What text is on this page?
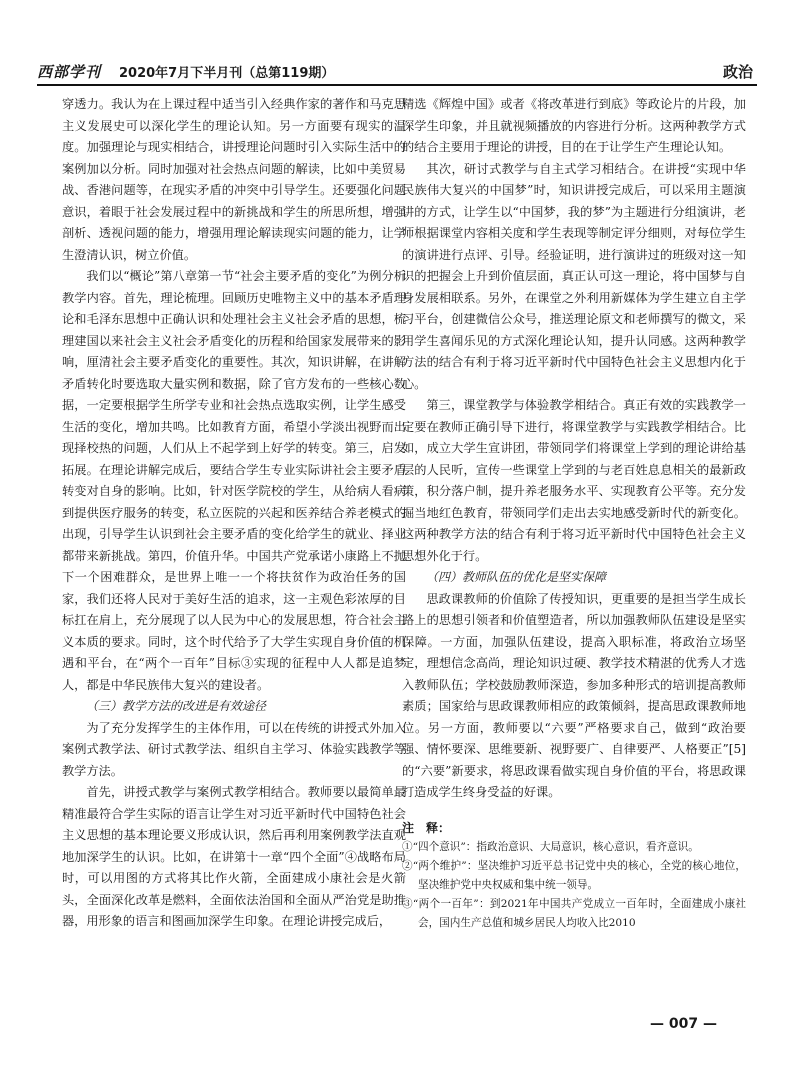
西部学刊 2020年7月下半月刊（总第119期）	政治

穿透力。我认为在上课过程中适当引入经典作家的著作和马克思主义发展史可以深化学生的理论认知。另一方面要有现实的温度。加强理论与现实相结合，讲授理论问题时引入实际生活中的案例加以分析。同时加强对社会热点问题的解读，比如中美贸易战、香港问题等，在现实矛盾的冲突中引导学生。还要强化问题意识，着眼于社会发展过程中的新挑战和学生的所思所想，增强剖析、透视问题的能力，增强用理论解读现实问题的能力，让学生澄清认识，树立价值。

我们以“概论”第八章第一节“社会主要矛盾的变化”为例分析教学内容。首先，理论梳理。回顾历史唯物主义中的基本矛盾理论和毛泽东思想中正确认识和处理社会主义社会矛盾的思想，梳理建国以来社会主义社会矛盾变化的历程和给国家发展带来的影响，厘清社会主要矛盾变化的重要性。其次，知识讲解，在讲解矛盾转化时要选取大量实例和数据，除了官方发布的一些核心数据，一定要根据学生所学专业和社会热点选取实例，让学生感受生活的变化，增加共鸣。比如教育方面，希望小学淡出视野而出现择校热的问题，人们从上不起学到上好学的转变。第三，启发拓展。在理论讲解完成后，要结合学生专业实际讲社会主要矛盾转变对自身的影响。比如，针对医学院校的学生，从给病人看病到提供医疗服务的转变，私立医院的兴起和医养结合养老模式的出现，引导学生认识到社会主要矛盾的变化给学生的就业、择业都带来新挑战。第四，价值升华。中国共产党承诺小康路上不抛下一个困难群众，是世界上唯一一个将扶贫作为政治任务的国家，我们还将人民对于美好生活的追求，这一主观色彩浓厚的目标扛在肩上，充分展现了以人民为中心的发展思想，符合社会主义本质的要求。同时，这个时代给予了大学生实现自身价值的机遇和平台，在“两个一百年”目标③实现的征程中人人都是追梦人，都是中华民族伟大复兴的建设者。

（三）教学方法的改进是有效途径

为了充分发挥学生的主体作用，可以在传统的讲授式外加入案例式教学法、研讨式教学法、组织自主学习、体验实践教学等教学方法。

首先，讲授式教学与案例式教学相结合。教师要以最简单最精准最符合学生实际的语言让学生对习近平新时代中国特色社会主义思想的基本理论要义形成认识，然后再利用案例教学法直观地加深学生的认识。比如，在讲第十一章“四个全面”④战略布局时，可以用图的方式将其比作火箭，全面建成小康社会是火箭头，全面深化改革是燃料，全面依法治国和全面从严治党是助推器，用形象的语言和图画加深学生印象。在理论讲授完成后，

精选《辉煌中国》或者《将改革进行到底》等政论片的片段，加深学生印象，并且就视频播放的内容进行分析。这两种教学方式的结合主要用于理论的讲授，目的在于让学生产生理论认知。

其次，研讨式教学与自主式学习相结合。在讲授“实现中华民族伟大复兴的中国梦”时，知识讲授完成后，可以采用主题演讲的方式，让学生以“中国梦，我的梦”为主题进行分组演讲，老师根据课堂内容相关度和学生表现等制定评分细则，对每位学生的演讲进行点评、引导。经验证明，进行演讲过的班级对这一知识的把握会上升到价值层面，真正认可这一理论，将中国梦与自身发展相联系。另外，在课堂之外利用新媒体为学生建立自主学习平台，创建微信公众号，推送理论原文和老师撰写的微文，采用学生喜闻乐见的方式深化理论认知，提升认同感。这两种教学方法的结合有利于将习近平新时代中国特色社会主义思想内化于心。

第三，课堂教学与体验教学相结合。真正有效的实践教学一定要在教师正确引导下进行，将课堂教学与实践教学相结合。比如，成立大学生宣讲团，带领同学们将课堂上学到的理论讲给基层的人民听，宣传一些课堂上学到的与老百姓息息相关的最新政策，积分落户制，提升养老服务水平、实现教育公平等。充分发掘当地红色教育，带领同学们走出去实地感受新时代的新变化。这两种教学方法的结合有利于将习近平新时代中国特色社会主义思想外化于行。

（四）教师队伍的优化是坚实保障

思政课教师的价值除了传授知识，更重要的是担当学生成长路上的思想引领者和价值塑造者，所以加强教师队伍建设是坚实保障。一方面，加强队伍建设，提高入职标准，将政治立场坚定，理想信念高尚，理论知识过硬、教学技术精湛的优秀人才选入教师队伍；学校鼓励教师深造，参加多种形式的培训提高教师素质；国家给与思政课教师相应的政策倾斜，提高思政课教师地位。另一方面，教师要以“六要”严格要求自己，做到“政治要强、情怀要深、思维要新、视野要广、自律要严、人格要正”[5]的“六要”新要求，将思政课看做实现自身价值的平台，将思政课打造成学生终身受益的好课。

注　释：
①“四个意识”：指政治意识、大局意识，核心意识，看齐意识。
②“两个维护”：坚决维护习近平总书记党中央的核心，全党的核心地位，坚决维护党中央权威和集中统一领导。
③“两个一百年”：到2021年中国共产党成立一百年时，全面建成小康社会，国内生产总值和城乡居民人均收入比2010
— 007 —
